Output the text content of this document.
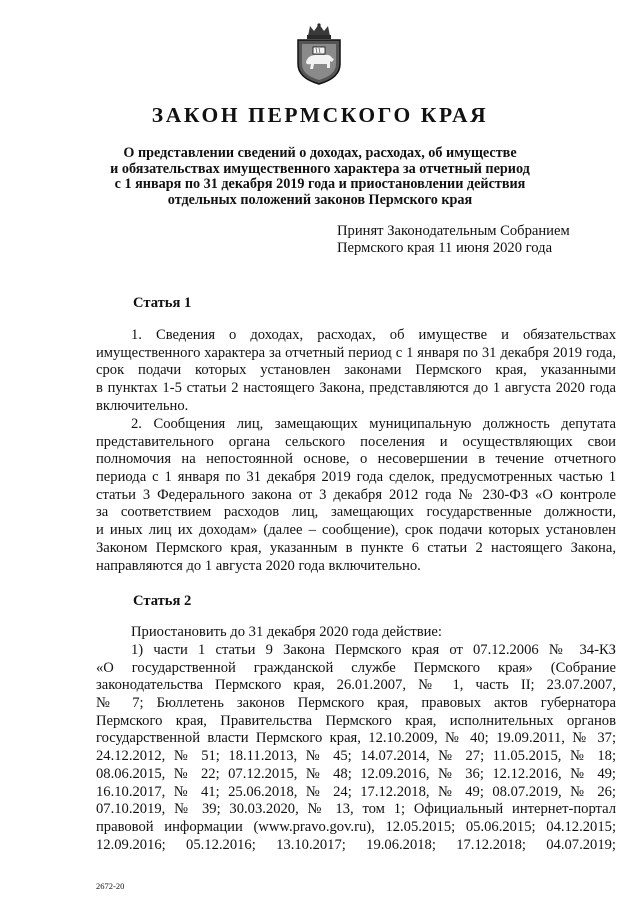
ЗАКОН ПЕРМСКОГО КРАЯ
О представлении сведений о доходах, расходах, об имуществе
и обязательствах имущественного характера за отчетный период
с 1 января по 31 декабря 2019 года и приостановлении действия
отдельных положений законов Пермского края
Принят Законодательным Собранием
Пермского края 11 июня 2020 года
Статья 1
1. Сведения о доходах, расходах, об имуществе и обязательствах
имущественного характера за отчетный период с 1 января по 31 декабря 2019 года,
срок подачи которых установлен законами Пермского края, указанными
в пунктах 1-5 статьи 2 настоящего Закона, представляются до 1 августа 2020 года
включительно.
2. Сообщения лиц, замещающих муниципальную должность депутата
представительного органа сельского поселения и осуществляющих свои
полномочия на непостоянной основе, о несовершении в течение отчетного
периода с 1 января по 31 декабря 2019 года сделок, предусмотренных частью 1
статьи 3 Федерального закона от 3 декабря 2012 года № 230-ФЗ «О контроле
за соответствием расходов лиц, замещающих государственные должности,
и иных лиц их доходам» (далее – сообщение), срок подачи которых установлен
Законом Пермского края, указанным в пункте 6 статьи 2 настоящего Закона,
направляются до 1 августа 2020 года включительно.
Статья 2
Приостановить до 31 декабря 2020 года действие:
1) части 1 статьи 9 Закона Пермского края от 07.12.2006 № 34-КЗ
«О государственной гражданской службе Пермского края» (Собрание
законодательства Пермского края, 26.01.2007, № 1, часть II; 23.07.2007,
№ 7; Бюллетень законов Пермского края, правовых актов губернатора
Пермского края, Правительства Пермского края, исполнительных органов
государственной власти Пермского края, 12.10.2009, № 40; 19.09.2011, № 37;
24.12.2012, № 51; 18.11.2013, № 45; 14.07.2014, № 27; 11.05.2015, № 18;
08.06.2015, № 22; 07.12.2015, № 48; 12.09.2016, № 36; 12.12.2016, № 49;
16.10.2017, № 41; 25.06.2018, № 24; 17.12.2018, № 49; 08.07.2019, № 26;
07.10.2019, № 39; 30.03.2020, № 13, том 1; Официальный интернет-портал
правовой информации (www.pravo.gov.ru), 12.05.2015; 05.06.2015; 04.12.2015;
12.09.2016; 05.12.2016; 13.10.2017; 19.06.2018; 17.12.2018; 04.07.2019;
2672-20
